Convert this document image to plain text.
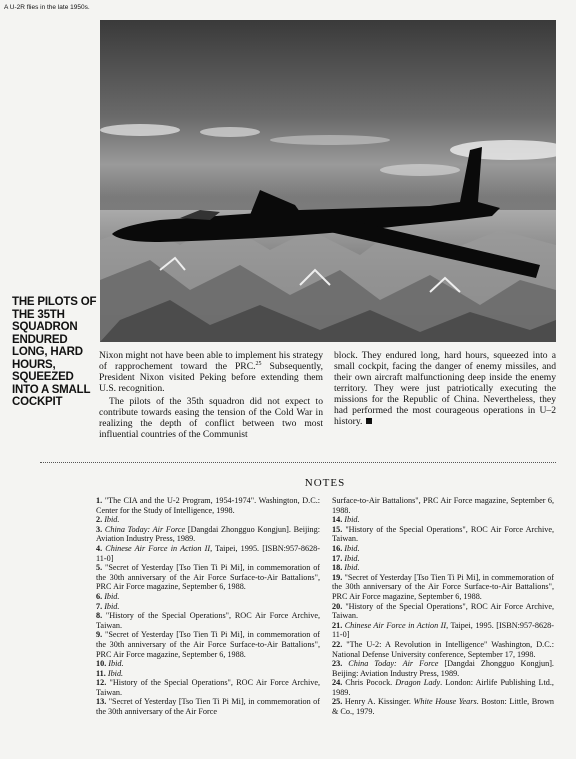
A U-2R flies in the late 1950s.
THE PILOTS OF THE 35TH SQUADRON ENDURED LONG, HARD HOURS, SQUEEZED INTO A SMALL COCKPIT

Nixon might not have been able to implement his strategy of rapprochement toward the PRC.$^{25}$ Subsequently, President Nixon visited Peking before extending them U.S. recognition.

The pilots of the 35th squadron did not expect to contribute towards easing the tension of the Cold War in realizing the depth of conflict between two most influential countries of the Communist

block. They endured long, hard hours, squeezed into a small cockpit, facing the danger of enemy missiles, and their own aircraft malfunctioning deep inside the enemy territory. They were just patriotically executing the missions for the Republic of China. Nevertheless, they had performed the most courageous operations in U–2 history.

NOTES

1. "The CIA and the U-2 Program, 1954-1974". Washington, D.C.: Center for the Study of Intelligence, 1998.

2. Ibid.

3. China Today: Air Force [Dangdai Zhongguo Kongjun]. Beijing: Aviation Industry Press, 1989.

4. Chinese Air Force in Action II, Taipei, 1995. [ISBN:957-8628-11-0]

5. "Secret of Yesterday [Tso Tien Ti Pi Mi], in commemoration of the 30th anniversary of the Air Force Surface-to-Air Battalions", PRC Air Force magazine, September 6, 1988.

6. Ibid.

7. Ibid.

8. "History of the Special Operations", ROC Air Force Archive, Taiwan.

9. "Secret of Yesterday [Tso Tien Ti Pi Mi], in commemoration of the 30th anniversary of the Air Force Surface-to-Air Battalions", PRC Air Force magazine, September 6, 1988.

10. Ibid.

11. Ibid.

12. "History of the Special Operations", ROC Air Force Archive, Taiwan.

13. "Secret of Yesterday [Tso Tien Ti Pi Mi], in commemoration of the 30th anniversary of the Air Force

Surface-to-Air Battalions", PRC Air Force magazine, September 6, 1988.

14. Ibid.

15. "History of the Special Operations", ROC Air Force Archive, Taiwan.

16. Ibid.

17. Ibid.

18. Ibid.

19. "Secret of Yesterday [Tso Tien Ti Pi Mi], in commemoration of the 30th anniversary of the Air Force Surface-to-Air Battalions", PRC Air Force magazine, September 6, 1988.

20. "History of the Special Operations", ROC Air Force Archive, Taiwan.

21. Chinese Air Force in Action II, Taipei, 1995. [ISBN:957-8628-11-0]

22. "The U-2: A Revolution in Intelligence" Washington, D.C.: National Defense University conference, September 17, 1998.

23. China Today: Air Force [Dangdai Zhongguo Kongjun]. Beijing: Aviation Industry Press, 1989.

24. Chris Pocock. Dragon Lady. London: Airlife Publishing Ltd., 1989.

25. Henry A. Kissinger. White House Years. Boston: Little, Brown & Co., 1979.
